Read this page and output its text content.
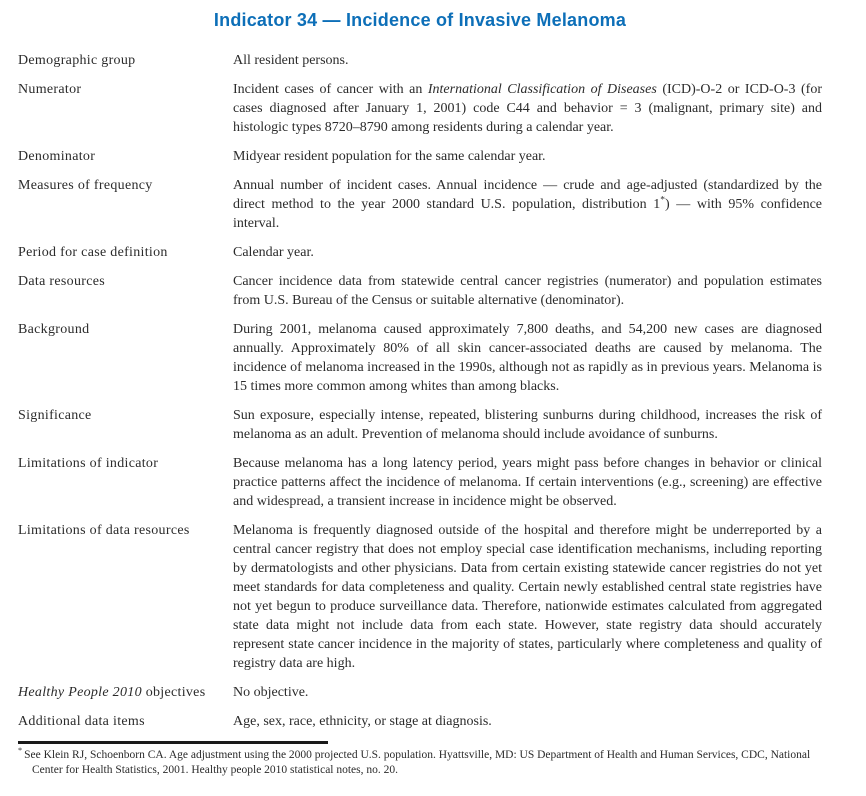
Indicator 34 — Incidence of Invasive Melanoma
Demographic group	All resident persons.
Numerator	Incident cases of cancer with an International Classification of Diseases (ICD)-O-2 or ICD-O-3 (for cases diagnosed after January 1, 2001) code C44 and behavior = 3 (malignant, primary site) and histologic types 8720–8790 among residents during a calendar year.
Denominator	Midyear resident population for the same calendar year.
Measures of frequency	Annual number of incident cases. Annual incidence — crude and age-adjusted (standardized by the direct method to the year 2000 standard U.S. population, distribution 1*) — with 95% confidence interval.
Period for case definition	Calendar year.
Data resources	Cancer incidence data from statewide central cancer registries (numerator) and population estimates from U.S. Bureau of the Census or suitable alternative (denominator).
Background	During 2001, melanoma caused approximately 7,800 deaths, and 54,200 new cases are diagnosed annually. Approximately 80% of all skin cancer-associated deaths are caused by melanoma. The incidence of melanoma increased in the 1990s, although not as rapidly as in previous years. Melanoma is 15 times more common among whites than among blacks.
Significance	Sun exposure, especially intense, repeated, blistering sunburns during childhood, increases the risk of melanoma as an adult. Prevention of melanoma should include avoidance of sunburns.
Limitations of indicator	Because melanoma has a long latency period, years might pass before changes in behavior or clinical practice patterns affect the incidence of melanoma. If certain interventions (e.g., screening) are effective and widespread, a transient increase in incidence might be observed.
Limitations of data resources	Melanoma is frequently diagnosed outside of the hospital and therefore might be underreported by a central cancer registry that does not employ special case identification mechanisms, including reporting by dermatologists and other physicians. Data from certain existing statewide cancer registries do not yet meet standards for data completeness and quality. Certain newly established central state registries have not yet begun to produce surveillance data. Therefore, nationwide estimates calculated from aggregated state data might not include data from each state. However, state registry data should accurately represent state cancer incidence in the majority of states, particularly where completeness and quality of registry data are high.
Healthy People 2010 objectives	No objective.
Additional data items	Age, sex, race, ethnicity, or stage at diagnosis.

* See Klein RJ, Schoenborn CA. Age adjustment using the 2000 projected U.S. population. Hyattsville, MD: US Department of Health and Human Services, CDC, National Center for Health Statistics, 2001. Healthy people 2010 statistical notes, no. 20.
